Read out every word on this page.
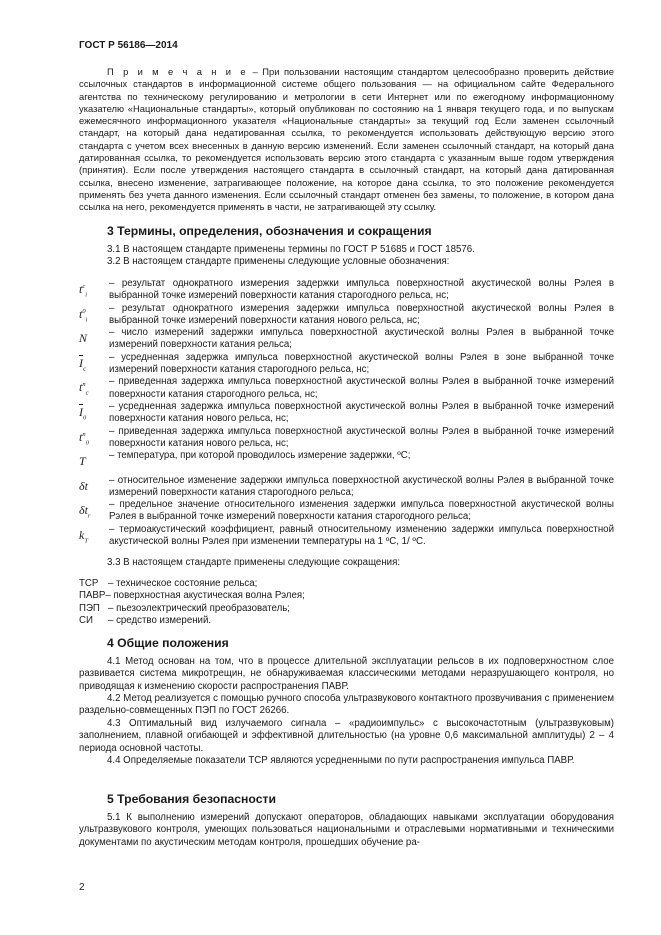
ГОСТ Р 56186—2014
П р и м е ч а н и е – При пользовании настоящим стандартом целесообразно проверить действие ссылочных стандартов в информационной системе общего пользования — на официальном сайте Федерального агентства по техническому регулированию и метрологии в сети Интернет или по ежегодному информационному указателю «Национальные стандарты», который опубликован по состоянию на 1 января текущего года, и по выпускам ежемесячного информационного указателя «Национальные стандарты» за текущий год Если заменен ссылочный стандарт, на который дана недатированная ссылка, то рекомендуется использовать действующую версию этого стандарта с учетом всех внесенных в данную версию изменений. Если заменен ссылочный стандарт, на который дана датированная ссылка, то рекомендуется использовать версию этого стандарта с указанным выше годом утверждения (принятия). Если после утверждения настоящего стандарта в ссылочный стандарт, на который дана датированная ссылка, внесено изменение, затрагивающее положение, на которое дана ссылка, то это положение рекомендуется применять без учета данного изменения. Если ссылочный стандарт отменен без замены, то положение, в котором дана ссылка на него, рекомендуется применять в части, не затрагивающей эту ссылку.
3 Термины, определения, обозначения и сокращения
3.1 В настоящем стандарте применены термины по ГОСТ Р 51685 и ГОСТ 18576.
3.2 В настоящем стандарте применены следующие условные обозначения:
$t^c_i$
– результат однократного измерения задержки импульса поверхностной акустической волны Рэлея в выбранной точке измерений поверхности катания старогодного рельса, нс;
$t^0_i$
– результат однократного измерения задержки импульса поверхностной акустической волны Рэлея в выбранной точке измерений поверхности катания нового рельса, нс;
N	– число измерений задержки импульса поверхностной акустической волны Рэлея в выбранной точке измерений поверхности катания рельса;
$\overline{I}_c$
– усредненная задержка импульса поверхностной акустической волны Рэлея в зоне выбранной точке измерений поверхности катания старогодного рельса, нс;
$t^n_c$
– приведенная задержка импульса поверхностной акустической волны Рэлея в выбранной точке измерений поверхности катания старогодного рельса, нс;
$\overline{I}_0$
– усредненная задержка импульса поверхностной акустической волны Рэлея в выбранной точке измерений поверхности катания нового рельса, нс;
$t^n_0$
– приведенная задержка импульса поверхностной акустической волны Рэлея в выбранной точке измерений поверхности катания нового рельса, нс;
T	– температура, при которой проводилось измерение задержки, ºС;
δt	– относительное изменение задержки импульса поверхностной акустической волны Рэлея в выбранной точке измерений поверхности катания старогодного рельса;
$\delta t_r$
– предельное значение относительного изменения задержки импульса поверхностной акустической волны Рэлея в выбранной точке измерений поверхности катания старогодного рельса;
$k_T$
– термоакустический коэффициент, равный относительному изменению задержки импульса поверхностной акустической волны Рэлея при изменении температуры на 1 ºС, 1/ ºС.
3.3 В настоящем стандарте применены следующие сокращения:
ТСР – техническое состояние рельса;
ПАВР – поверхностная акустическая волна Рэлея;
ПЭП – пьезоэлектрический преобразователь;
СИ	– средство измерений.
4 Общие положения
4.1 Метод основан на том, что в процессе длительной эксплуатации рельсов в их подповерхностном слое развивается система микротрещин, не обнаруживаемая классическими методами неразрушающего контроля, но приводящая к изменению скорости распространения ПАВР.
4.2 Метод реализуется с помощью ручного способа ультразвукового контактного прозвучивания с применением раздельно-совмещенных ПЭП по ГОСТ 26266.
4.3 Оптимальный вид излучаемого сигнала – «радиоимпульс» с высокочастотным (ультразвуковым) заполнением, плавной огибающей и эффективной длительностью (на уровне 0,6 максимальной амплитуды) 2 – 4 периода основной частоты.
4.4 Определяемые показатели ТСР являются усредненными по пути распространения импульса ПАВР.
5 Требования безопасности
5.1 К выполнению измерений допускают операторов, обладающих навыками эксплуатации оборудования ультразвукового контроля, умеющих пользоваться национальными и отраслевыми нормативными и техническими документами по акустическим методам контроля, прошедших обучение ра-
2
